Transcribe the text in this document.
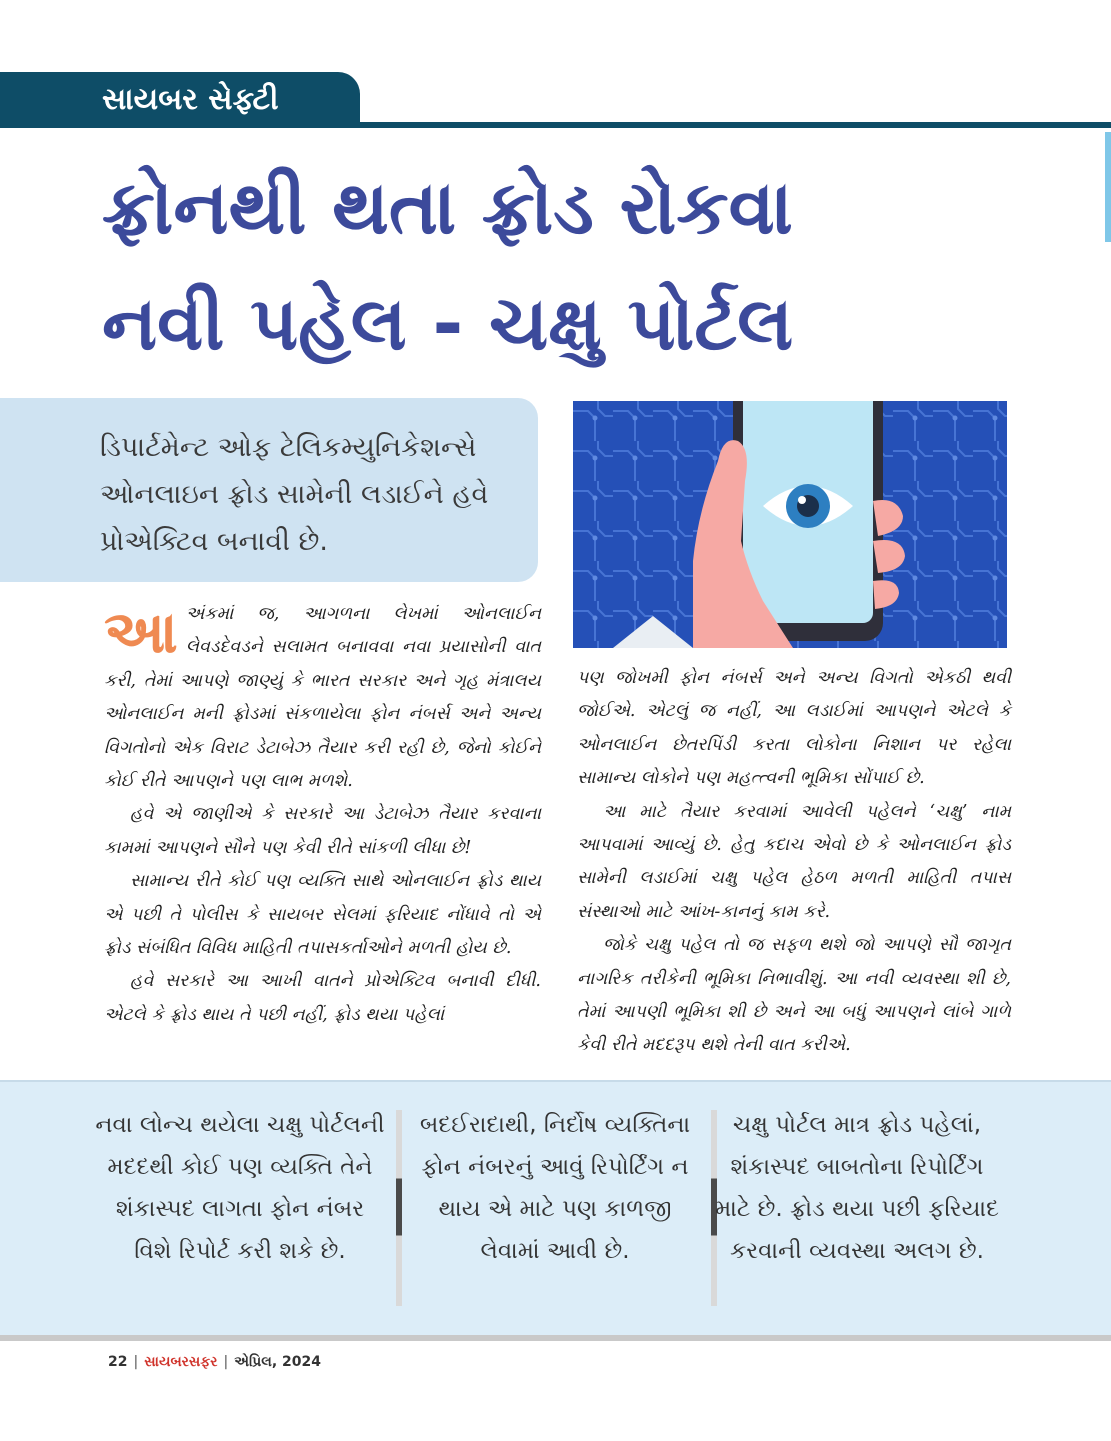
સાયબર સેફ્ટી
ફ્રોનથી થતા ફ્રોડ રોકવા
નવી પહેલ - ચક્ષુ પોર્ટલ
ડિપાર્ટમેન્ટ ઓફ ટેલિકમ્યુનિકેશન્સે ઓનલાઇન ફ્રોડ સામેની લડાઈને હવે પ્રોએક્ટિવ બનાવી છે.

આઅંકમાં જ, આગળના લેખમાં ઓનલાઈન લેવડદેવડને સલામત બનાવવા નવા પ્રયાસોની વાત કરી, તેમાં આપણે જાણ્યું કે ભારત સરકાર અને ગૃહ મંત્રાલય ઓનલાઈન મની ફ્રોડમાં સંકળાયેલા ફોન નંબર્સ અને અન્ય વિગતોનો એક વિરાટ ડેટાબેઝ તૈયાર કરી રહી છે, જેનો કોઈને કોઈ રીતે આપણને પણ લાભ મળશે.

હવે એ જાણીએ કે સરકારે આ ડેટાબેઝ તૈયાર કરવાના કામમાં આપણને સૌને પણ કેવી રીતે સાંકળી લીધા છે!

સામાન્ય રીતે કોઈ પણ વ્યક્તિ સાથે ઓનલાઈન ફ્રોડ થાય એ પછી તે પોલીસ કે સાયબર સેલમાં ફરિયાદ નોંધાવે તો એ ફ્રોડ સંબંધિત વિવિધ માહિતી તપાસકર્તાઓને મળતી હોય છે.

હવે સરકારે આ આખી વાતને પ્રોએક્ટિવ બનાવી દીધી. એટલે કે ફ્રોડ થાય તે પછી નહીં, ફ્રોડ થયા પહેલાં

પણ જોખમી ફોન નંબર્સ અને અન્ય વિગતો એકઠી થવી જોઈએ. એટલું જ નહીં, આ લડાઈમાં આપણને એટલે કે ઓનલાઈન છેતરપિંડી કરતા લોકોના નિશાન પર રહેલા સામાન્ય લોકોને પણ મહત્ત્વની ભૂમિકા સોંપાઈ છે.

આ માટે તૈયાર કરવામાં આવેલી પહેલને ‘ચક્ષુ’ નામ આપવામાં આવ્યું છે. હેતુ કદાચ એવો છે કે ઓનલાઈન ફ્રોડ સામેની લડાઈમાં ચક્ષુ પહેલ હેઠળ મળતી માહિતી તપાસ સંસ્થાઓ માટે આંખ-કાનનું કામ કરે.

જોકે ચક્ષુ પહેલ તો જ સફળ થશે જો આપણે સૌ જાગૃત નાગરિક તરીકેની ભૂમિકા નિભાવીશું. આ નવી વ્યવસ્થા શી છે, તેમાં આપણી ભૂમિકા શી છે અને આ બધું આપણને લાંબે ગાળે કેવી રીતે મદદરૂપ થશે તેની વાત કરીએ.

નવા લોન્ચ થયેલા ચક્ષુ પોર્ટલની મદદથી કોઈ પણ વ્યક્તિ તેને શંકાસ્પદ લાગતા ફોન નંબર વિશે રિપોર્ટ કરી શકે છે.
બદઈરાદાથી, નિર્દોષ વ્યક્તિના ફોન નંબરનું આવું રિપોર્ટિંગ ન થાય એ માટે પણ કાળજી લેવામાં આવી છે.
ચક્ષુ પોર્ટલ માત્ર ફ્રોડ પહેલાં, શંકાસ્પદ બાબતોના રિપોર્ટિંગ માટે છે. ફ્રોડ થયા પછી ફરિયાદ કરવાની વ્યવસ્થા અલગ છે.
22 | સાયબરસફર | એપ્રિલ, 2024
